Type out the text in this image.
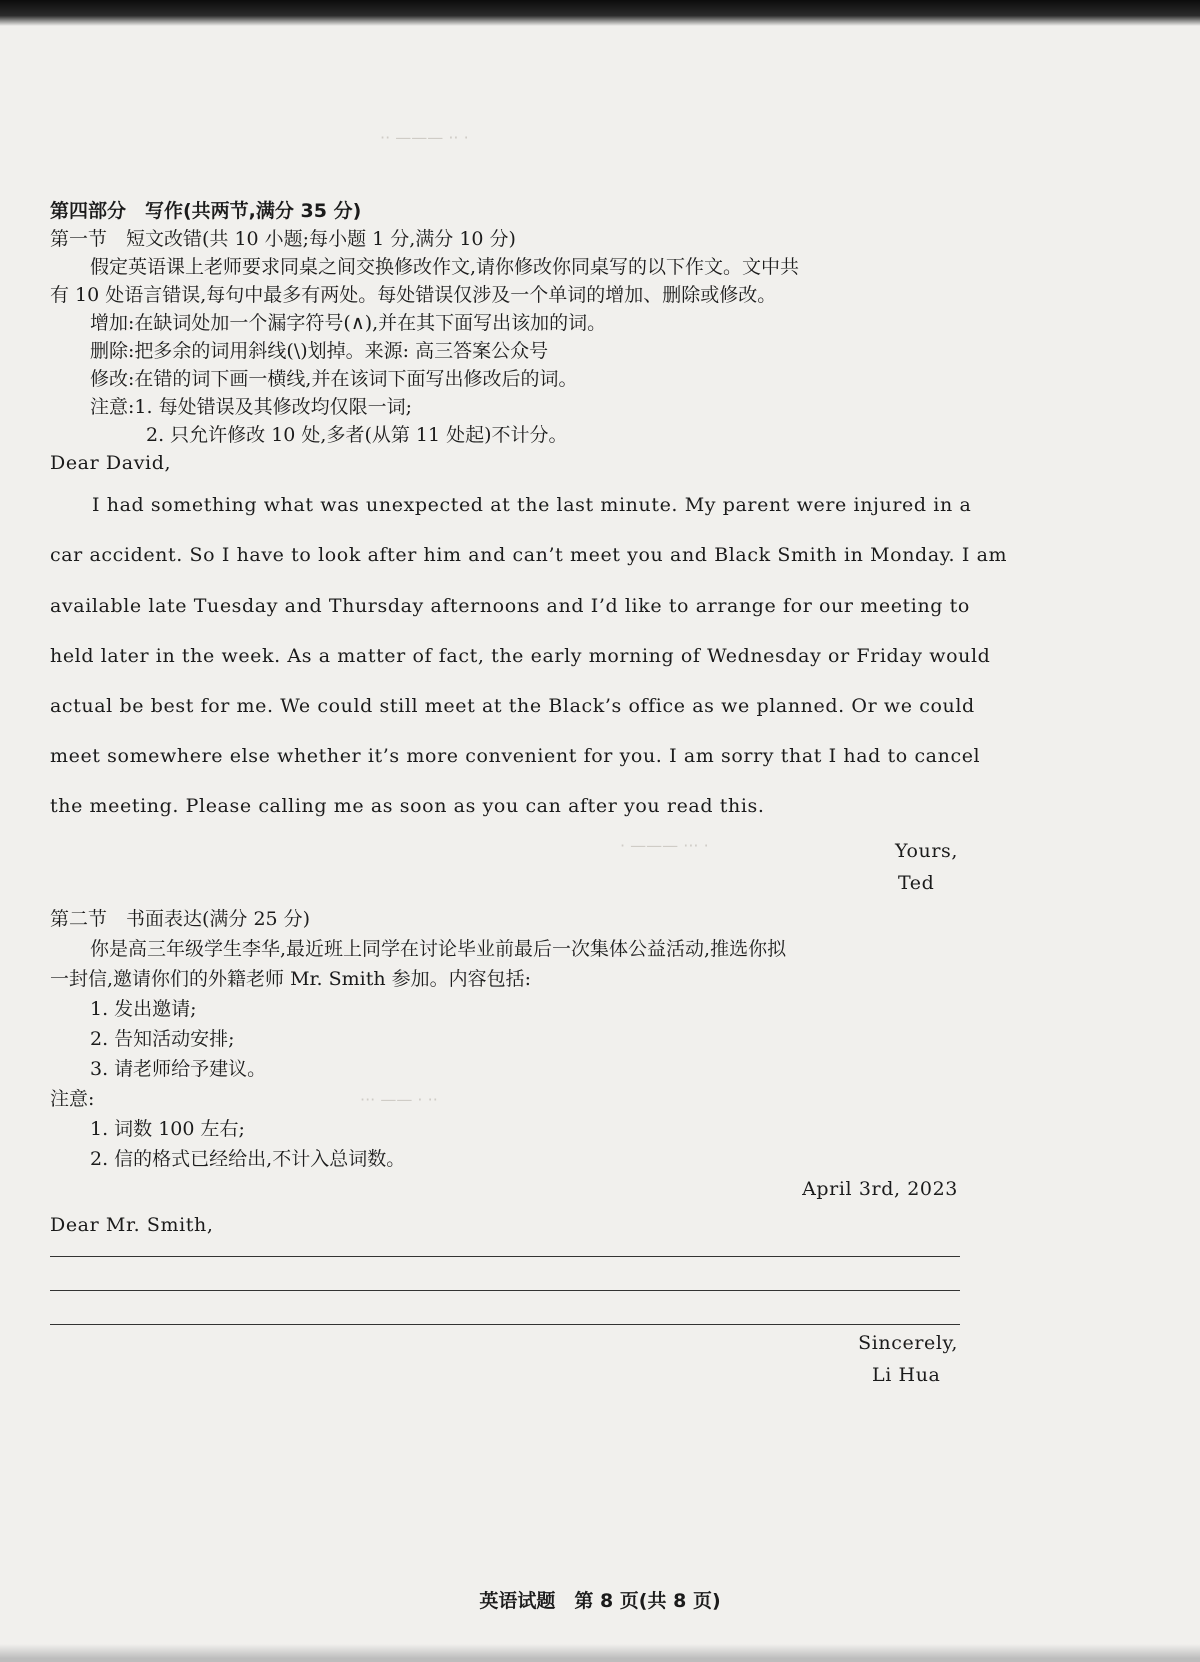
·· ——— ·· ·
· ——— ··· ·
··· —— · ··
第四部分　写作(共两节,满分 35 分)
第一节　短文改错(共 10 小题;每小题 1 分,满分 10 分)
假定英语课上老师要求同桌之间交换修改作文,请你修改你同桌写的以下作文。文中共
有 10 处语言错误,每句中最多有两处。每处错误仅涉及一个单词的增加、删除或修改。
增加:在缺词处加一个漏字符号(∧),并在其下面写出该加的词。
删除:把多余的词用斜线(\)划掉。来源: 高三答案公众号
修改:在错的词下画一横线,并在该词下面写出修改后的词。
注意:1. 每处错误及其修改均仅限一词;
2. 只允许修改 10 处,多者(从第 11 处起)不计分。
Dear David,
I had something what was unexpected at the last minute. My parent were injured in a
car accident. So I have to look after him and can’t meet you and Black Smith in Monday. I am
available late Tuesday and Thursday afternoons and I’d like to arrange for our meeting to
held later in the week. As a matter of fact, the early morning of Wednesday or Friday would
actual be best for me. We could still meet at the Black’s office as we planned. Or we could
meet somewhere else whether it’s more convenient for you. I am sorry that I had to cancel
the meeting. Please calling me as soon as you can after you read this.
Yours,
Ted
第二节　书面表达(满分 25 分)
你是高三年级学生李华,最近班上同学在讨论毕业前最后一次集体公益活动,推选你拟
一封信,邀请你们的外籍老师 Mr. Smith 参加。内容包括:
1. 发出邀请;
2. 告知活动安排;
3. 请老师给予建议。
注意:
1. 词数 100 左右;
2. 信的格式已经给出,不计入总词数。
April 3rd, 2023
Dear Mr. Smith,
Sincerely,
Li Hua
英语试题　第 8 页(共 8 页)
